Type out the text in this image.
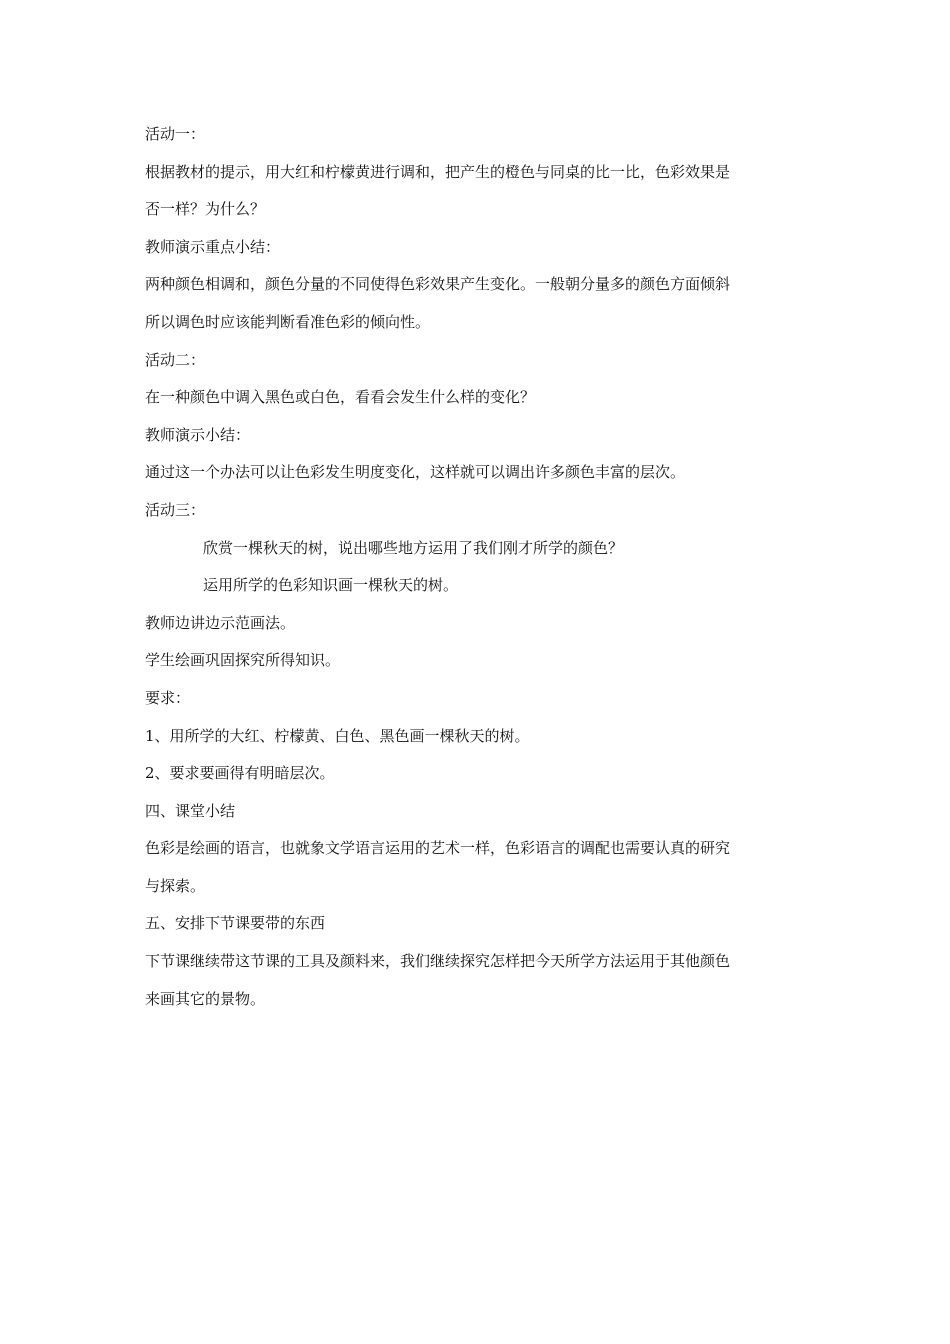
活动一：

根据教材的提示，用大红和柠檬黄进行调和，把产生的橙色与同桌的比一比，色彩效果是

否一样？为什么？

教师演示重点小结：

两种颜色相调和，颜色分量的不同使得色彩效果产生变化。一般朝分量多的颜色方面倾斜

所以调色时应该能判断看准色彩的倾向性。

活动二：

在一种颜色中调入黑色或白色，看看会发生什么样的变化？

教师演示小结：

通过这一个办法可以让色彩发生明度变化，这样就可以调出许多颜色丰富的层次。

活动三：

欣赏一棵秋天的树，说出哪些地方运用了我们刚才所学的颜色？

运用所学的色彩知识画一棵秋天的树。

教师边讲边示范画法。

学生绘画巩固探究所得知识。

要求：

1、用所学的大红、柠檬黄、白色、黑色画一棵秋天的树。

2、要求要画得有明暗层次。

四、课堂小结

色彩是绘画的语言，也就象文学语言运用的艺术一样，色彩语言的调配也需要认真的研究

与探索。

五、安排下节课要带的东西

下节课继续带这节课的工具及颜料来，我们继续探究怎样把今天所学方法运用于其他颜色

来画其它的景物。
